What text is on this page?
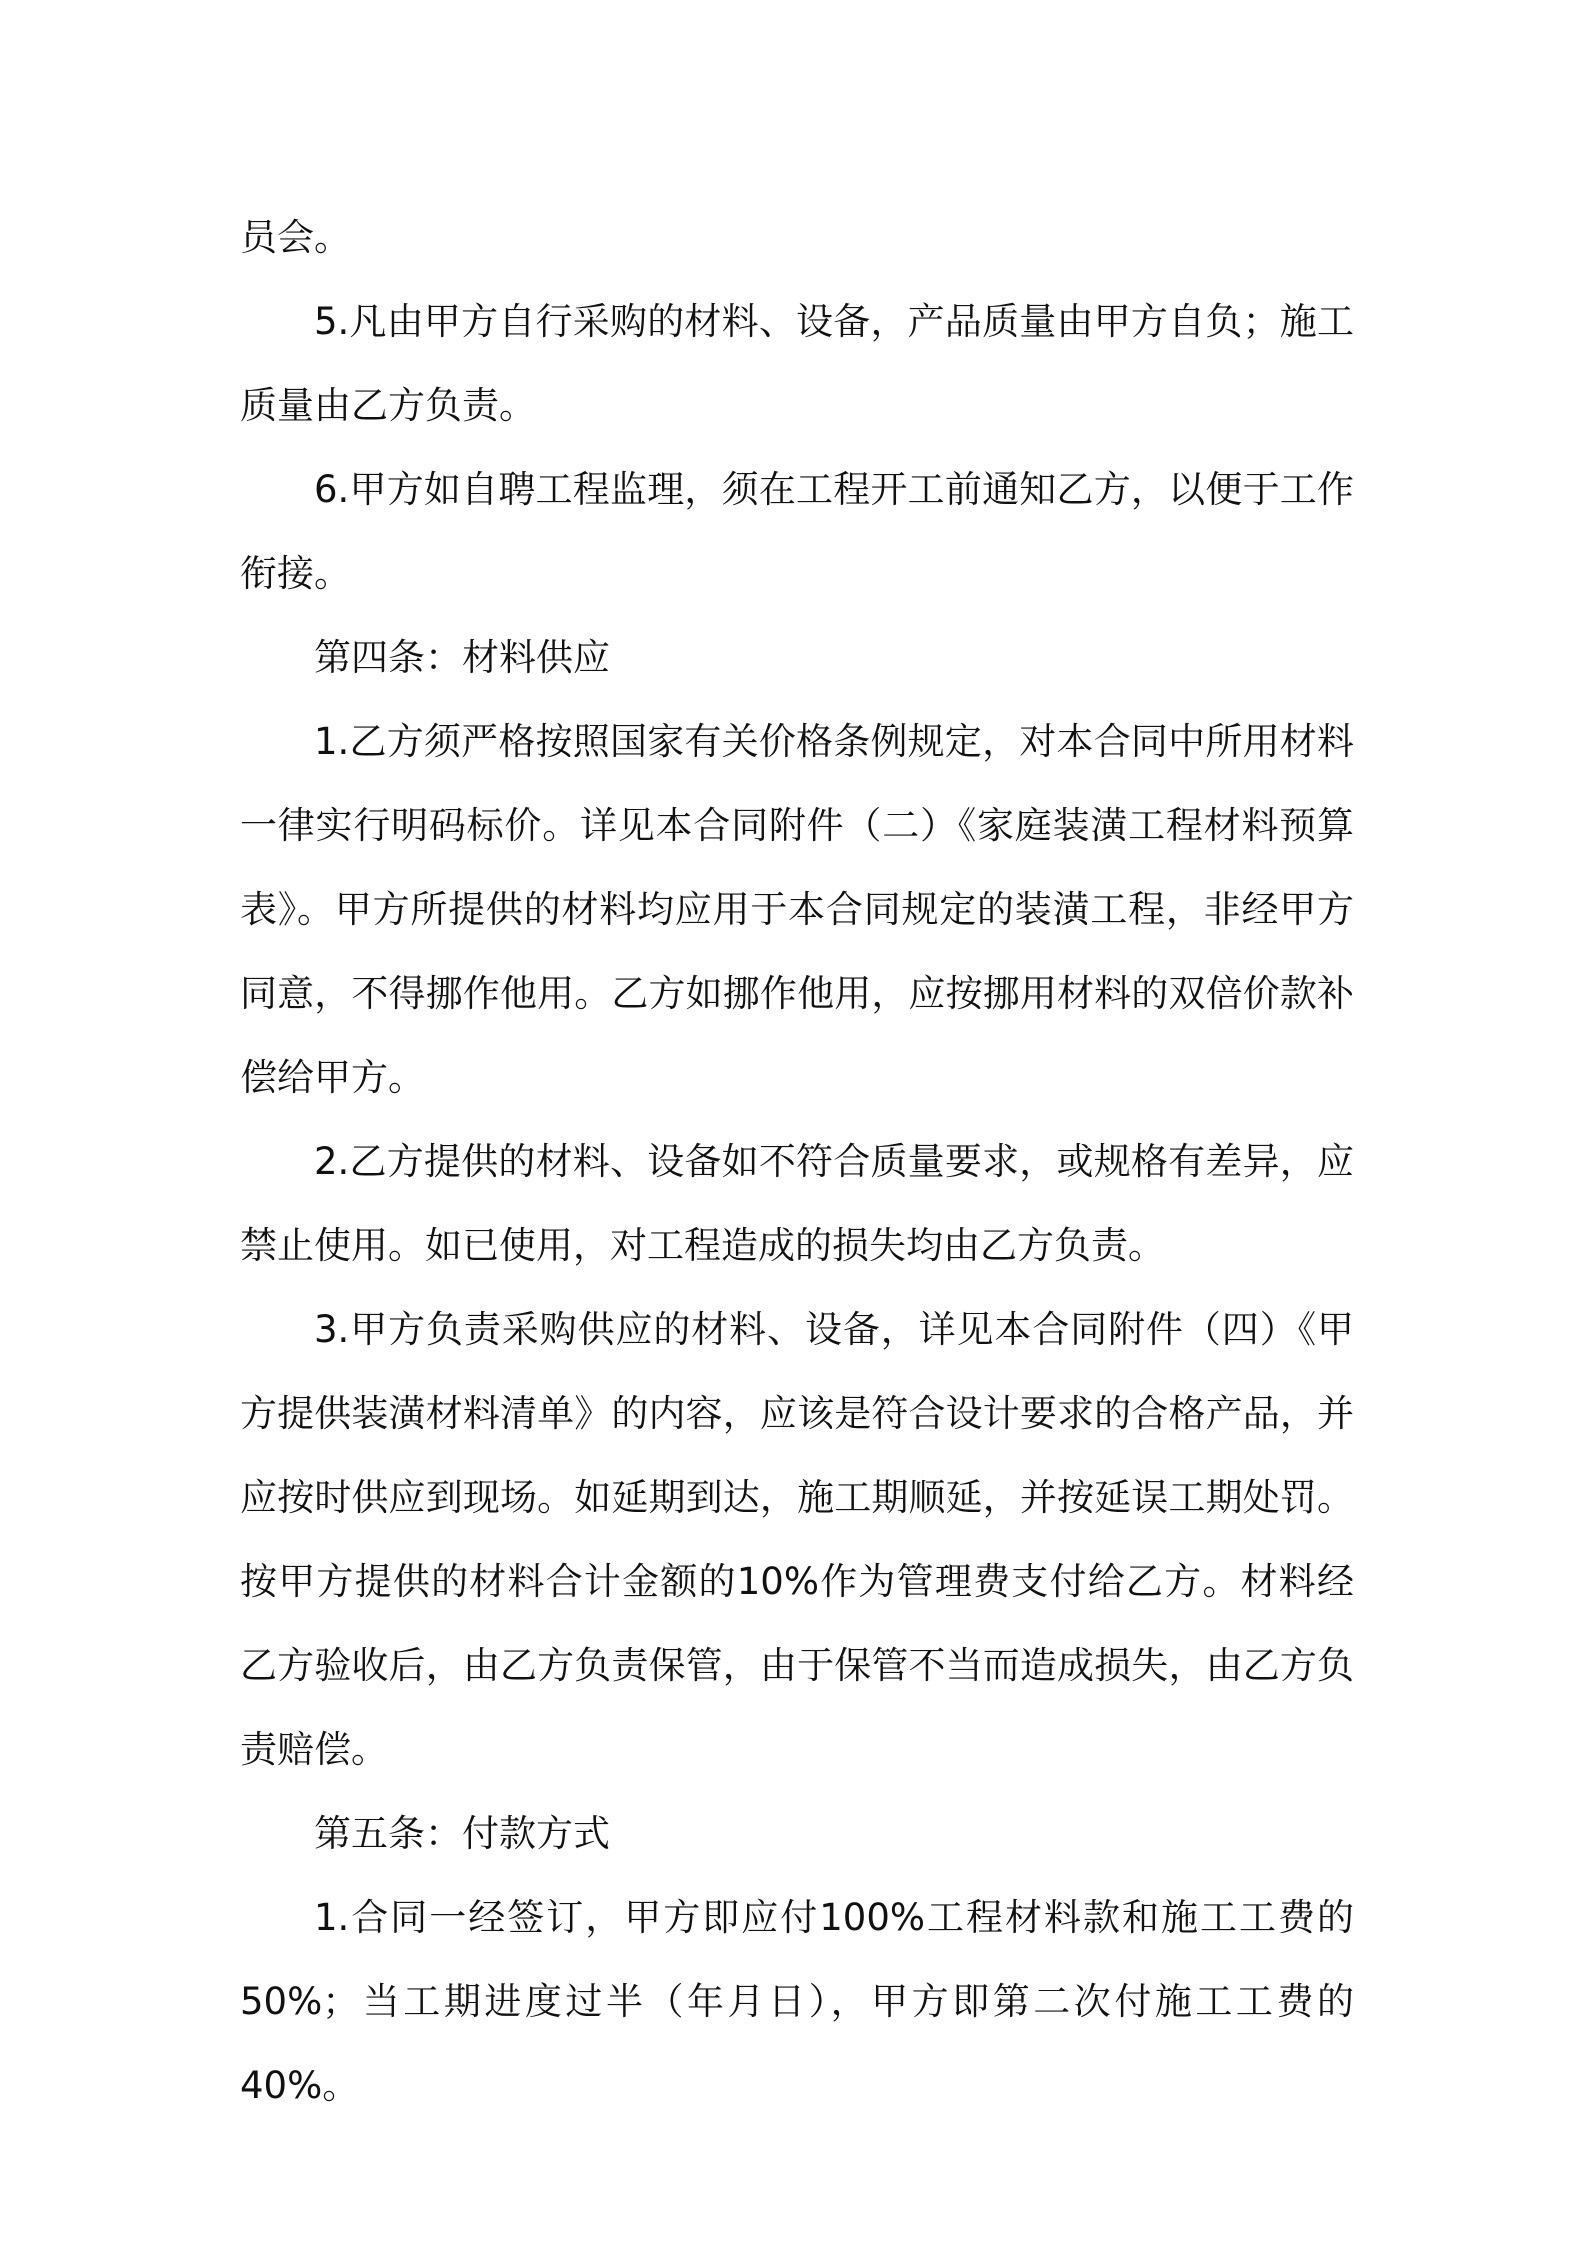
员会。

5.凡由甲方自行采购的材料、设备，产品质量由甲方自负；施工质量由乙方负责。

6.甲方如自聘工程监理，须在工程开工前通知乙方，以便于工作衔接。

第四条：材料供应

1.乙方须严格按照国家有关价格条例规定，对本合同中所用材料一律实行明码标价。详见本合同附件（二）《家庭装潢工程材料预算表》。甲方所提供的材料均应用于本合同规定的装潢工程，非经甲方同意，不得挪作他用。乙方如挪作他用，应按挪用材料的双倍价款补偿给甲方。

2.乙方提供的材料、设备如不符合质量要求，或规格有差异，应禁止使用。如已使用，对工程造成的损失均由乙方负责。

3.甲方负责采购供应的材料、设备，详见本合同附件（四）《甲方提供装潢材料清单》的内容，应该是符合设计要求的合格产品，并应按时供应到现场。如延期到达，施工期顺延，并按延误工期处罚。按甲方提供的材料合计金额的10%作为管理费支付给乙方。材料经乙方验收后，由乙方负责保管，由于保管不当而造成损失，由乙方负责赔偿。

第五条：付款方式

1.合同一经签订，甲方即应付100%工程材料款和施工工费的50%；当工期进度过半（年月日），甲方即第二次付施工工费的40%。
